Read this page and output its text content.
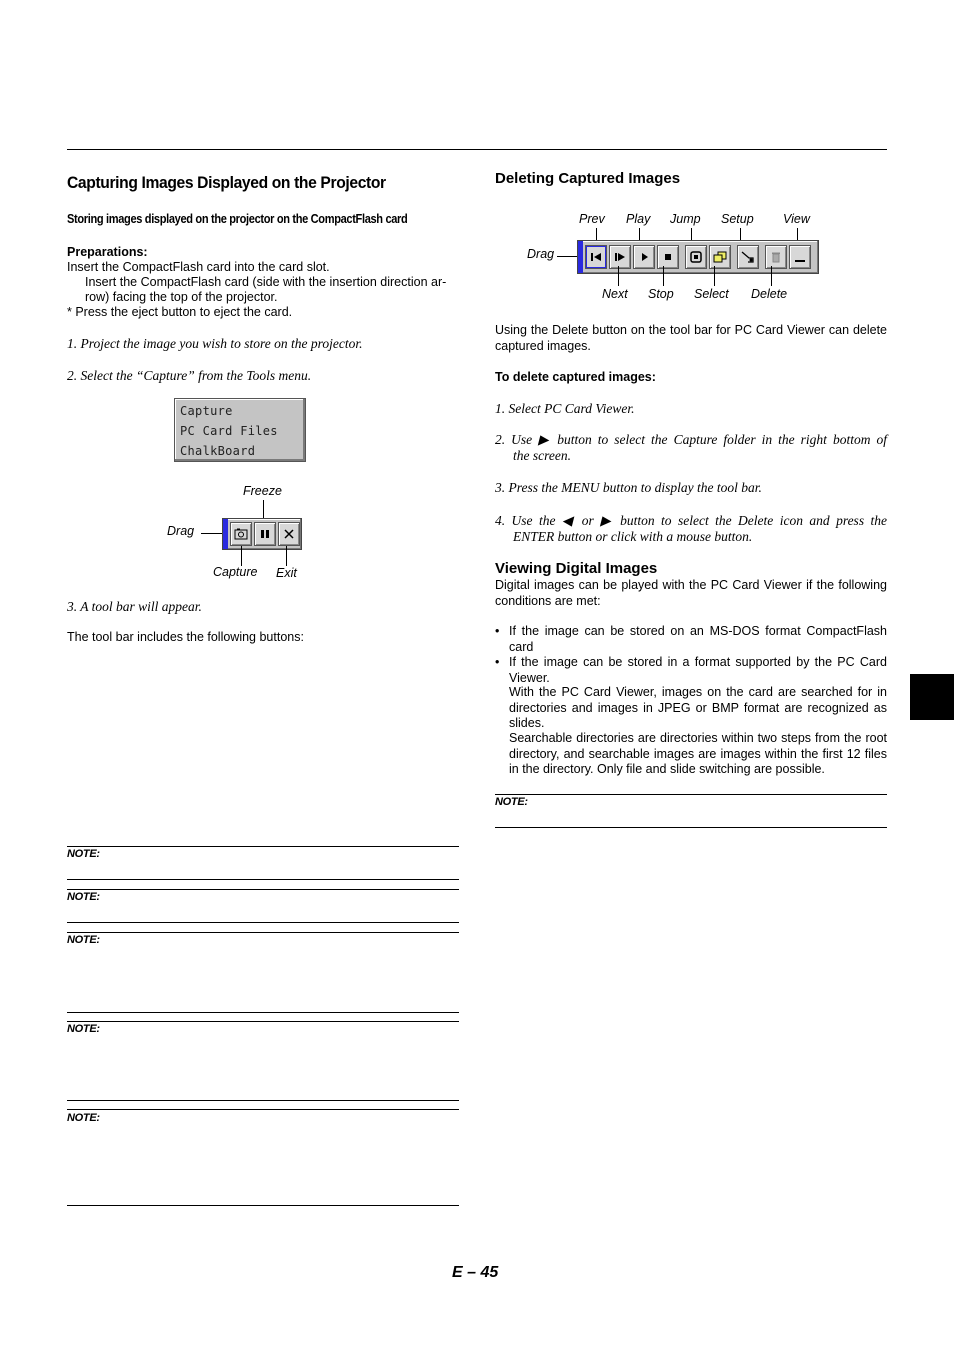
Capturing Images Displayed on the Projector
Storing images displayed on the projector on the CompactFlash card
Preparations:
Insert the CompactFlash card into the card slot.
Insert the CompactFlash card (side with the insertion direction ar-
row) facing the top of the projector.
* Press the eject button to eject the card.
1. Project the image you wish to store on the projector.
2. Select the “Capture” from the Tools menu.
Capture
PC Card Files
ChalkBoard
Freeze
Drag
Capture Exit
3. A tool bar will appear.
The tool bar includes the following buttons:
NOTE:
NOTE:
NOTE:
NOTE:
NOTE:
Deleting Captured Images
Prev Play Jump Setup View
Drag
Next Stop Select Delete
Using the Delete button on the tool bar for PC Card Viewer can delete captured images.
To delete captured images:
1. Select PC Card Viewer.
2. Use ▶ button to select the Capture folder in the right bottom of
the screen.
3. Press the MENU button to display the tool bar.
4. Use the ◀ or ▶ button to select the Delete icon and press the
ENTER button or click with a mouse button.
Viewing Digital Images
Digital images can be played with the PC Card Viewer if the following conditions are met:
• If the image can be stored on an MS-DOS format CompactFlash card
• If the image can be stored in a format supported by the PC Card Viewer.
With the PC Card Viewer, images on the card are searched for in directories and images in JPEG or BMP format are recognized as slides.
Searchable directories are directories within two steps from the root directory, and searchable images are images within the first 12 files in the directory. Only file and slide switching are possible.
NOTE:
E – 45
